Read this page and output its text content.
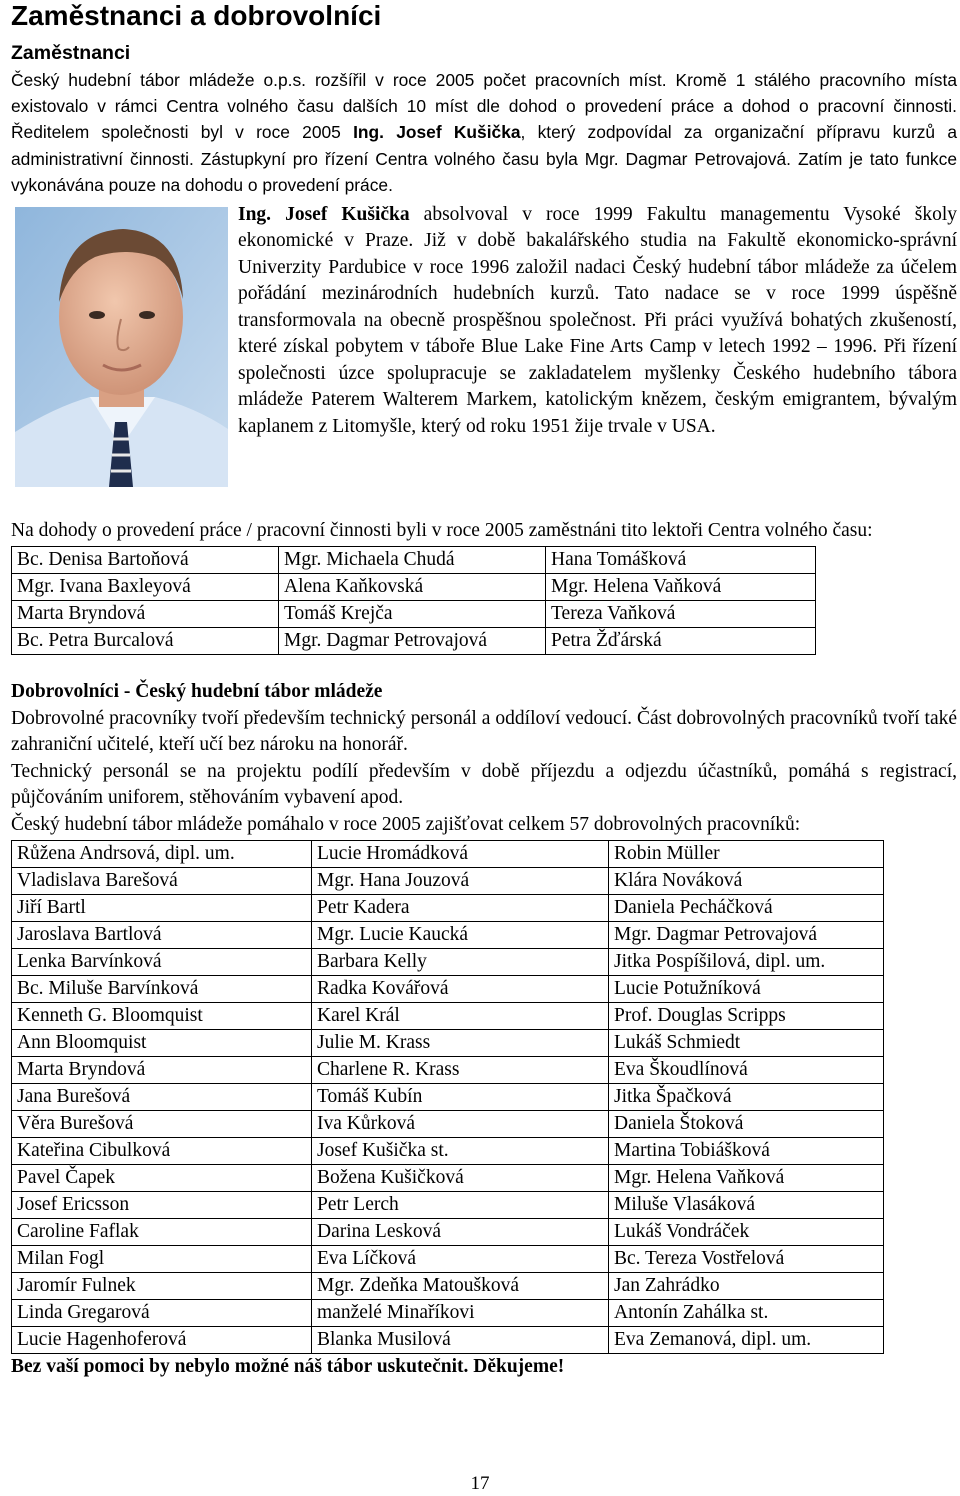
Zaměstnanci a dobrovolníci
Zaměstnanci

Český hudební tábor mládeže o.p.s. rozšířil v roce 2005 počet pracovních míst. Kromě 1 stálého pracovního místa existovalo v rámci Centra volného času dalších 10 míst dle dohod o provedení práce a dohod o pracovní činnosti. Ředitelem společnosti byl v roce 2005 Ing. Josef Kušička, který zodpovídal za organizační přípravu kurzů a administrativní činnosti. Zástupkyní pro řízení Centra volného času byla Mgr. Dagmar Petrovajová. Zatím je tato funkce vykonávána pouze na dohodu o provedení práce.

Ing. Josef Kušička absolvoval v roce 1999 Fakultu managementu Vysoké školy ekonomické v Praze. Již v době bakalářského studia na Fakultě ekonomicko-správní Univerzity Pardubice v roce 1996 založil nadaci Český hudební tábor mládeže za účelem pořádání mezinárodních hudebních kurzů. Tato nadace se v roce 1999 úspěšně transformovala na obecně prospěšnou společnost. Při práci využívá bohatých zkušeností, které získal pobytem v táboře Blue Lake Fine Arts Camp v letech 1992 – 1996. Při řízení společnosti úzce spolupracuje se zakladatelem myšlenky Českého hudebního tábora mládeže Paterem Walterem Markem, katolickým knězem, českým emigrantem, bývalým kaplanem z Litomyšle, který od roku 1951 žije trvale v USA.

Na dohody o provedení práce / pracovní činnosti byli v roce 2005 zaměstnáni tito lektoři Centra volného času:

Bc. Denisa Bartoňová	Mgr. Michaela Chudá	Hana Tomášková
Mgr. Ivana Baxleyová	Alena Kaňkovská	Mgr. Helena Vaňková
Marta Bryndová	Tomáš Krejča	Tereza Vaňková
Bc. Petra Burcalová	Mgr. Dagmar Petrovajová	Petra Žďárská
Dobrovolníci - Český hudební tábor mládeže

Dobrovolné pracovníky tvoří především technický personál a oddíloví vedoucí. Část dobrovolných pracovníků tvoří také zahraniční učitelé, kteří učí bez nároku na honorář.

Technický personál se na projektu podílí především v době příjezdu a odjezdu účastníků, pomáhá s registrací, půjčováním uniforem, stěhováním vybavení apod.

Český hudební tábor mládeže pomáhalo v roce 2005 zajišťovat celkem 57 dobrovolných pracovníků:

Růžena Andrsová, dipl. um.	Lucie Hromádková	Robin Müller
Vladislava Barešová	Mgr. Hana Jouzová	Klára Nováková
Jiří Bartl	Petr Kadera	Daniela Pecháčková
Jaroslava Bartlová	Mgr. Lucie Kaucká	Mgr. Dagmar Petrovajová
Lenka Barvínková	Barbara Kelly	Jitka Pospíšilová, dipl. um.
Bc. Miluše Barvínková	Radka Kovářová	Lucie Potužníková
Kenneth G. Bloomquist	Karel Král	Prof. Douglas Scripps
Ann Bloomquist	Julie M. Krass	Lukáš Schmiedt
Marta Bryndová	Charlene R. Krass	Eva Škoudlínová
Jana Burešová	Tomáš Kubín	Jitka Špačková
Věra Burešová	Iva Kůrková	Daniela Štoková
Kateřina Cibulková	Josef Kušička st.	Martina Tobiášková
Pavel Čapek	Božena Kušičková	Mgr. Helena Vaňková
Josef Ericsson	Petr Lerch	Miluše Vlasáková
Caroline Faflak	Darina Lesková	Lukáš Vondráček
Milan Fogl	Eva Líčková	Bc. Tereza Vostřelová
Jaromír Fulnek	Mgr. Zdeňka Matoušková	Jan Zahrádko
Linda Gregarová	manželé Minaříkovi	Antonín Zahálka st.
Lucie Hagenhoferová	Blanka Musilová	Eva Zemanová, dipl. um.
Bez vaší pomoci by nebylo možné náš tábor uskutečnit. Děkujeme!
17
